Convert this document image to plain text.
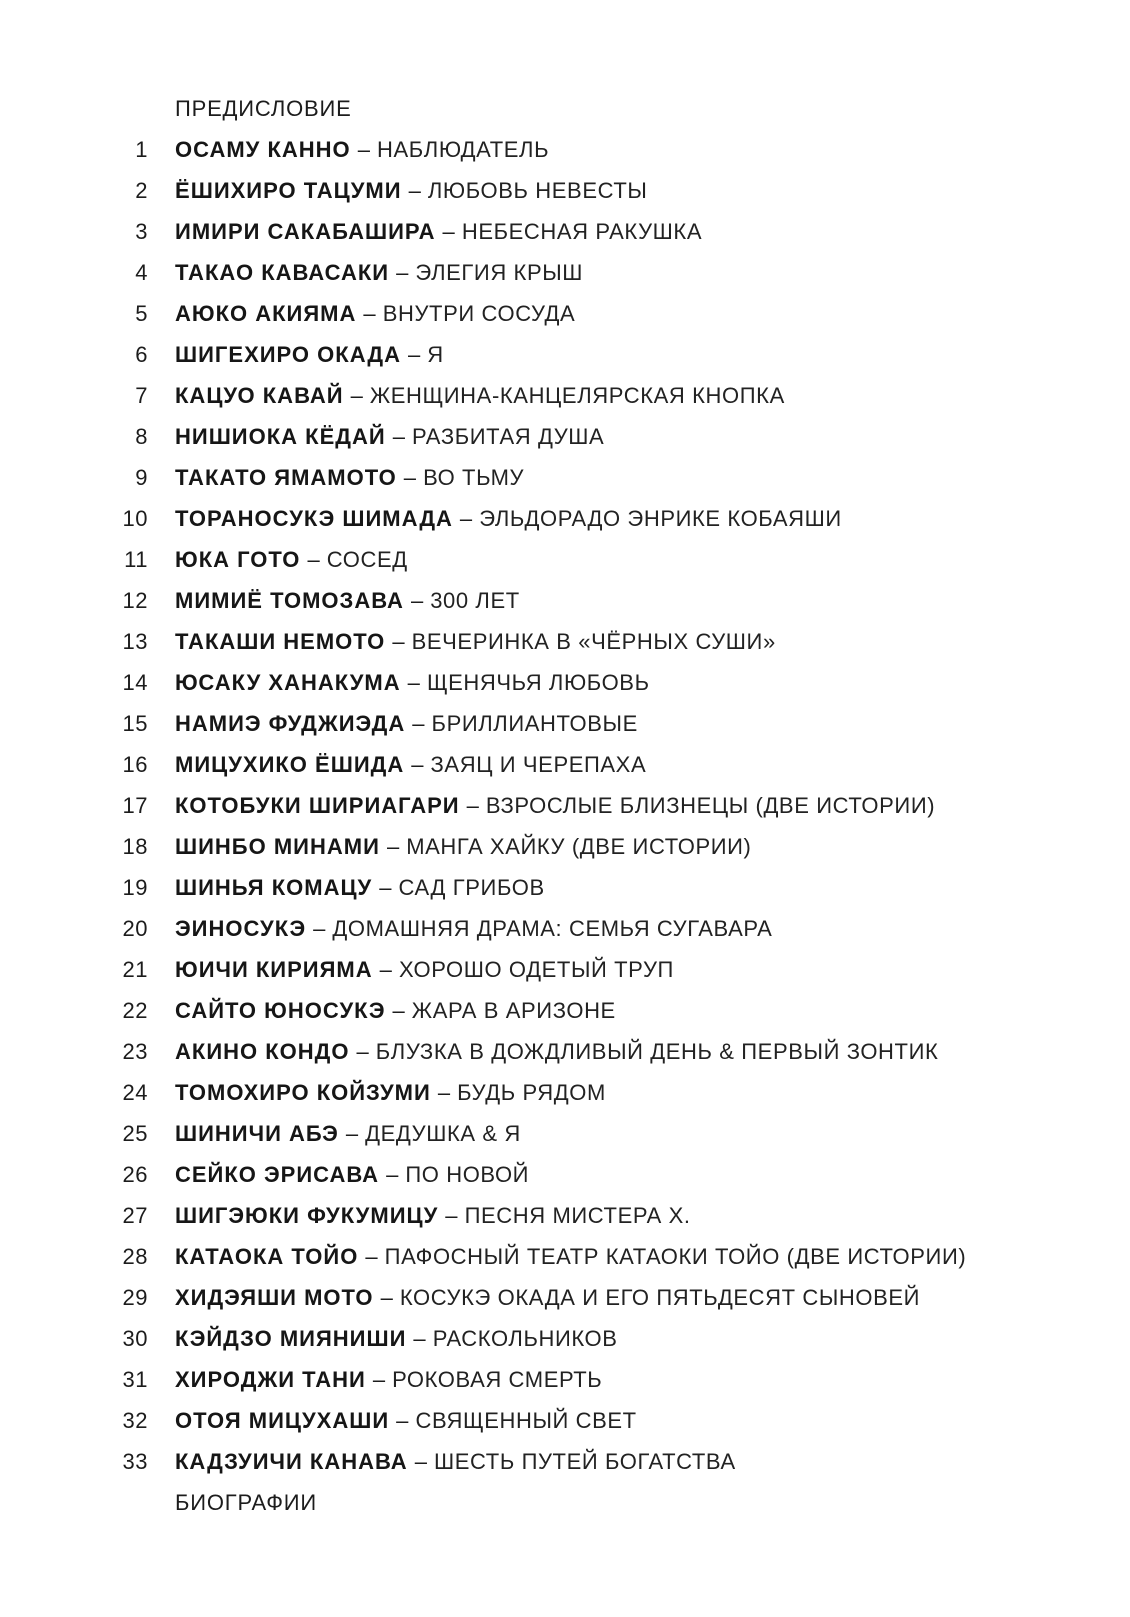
ПРЕДИСЛОВИЕ
1 ОСАМУ КАННО – НАБЛЮДАТЕЛЬ
2 ЁШИХИРО ТАЦУМИ – ЛЮБОВЬ НЕВЕСТЫ
3 ИМИРИ САКАБАШИРА – НЕБЕСНАЯ РАКУШКА
4 ТАКАО КАВАСАКИ – ЭЛЕГИЯ КРЫШ
5 АЮКО АКИЯМА – ВНУТРИ СОСУДА
6 ШИГЕХИРО ОКАДА – Я
7 КАЦУО КАВАЙ – ЖЕНЩИНА-КАНЦЕЛЯРСКАЯ КНОПКА
8 НИШИОКА КЁДАЙ – РАЗБИТАЯ ДУША
9 ТАКАТО ЯМАМОТО – ВО ТЬМУ
10 ТОРАНОСУКЭ ШИМАДА – ЭЛЬДОРАДО ЭНРИКЕ КОБАЯШИ
11 ЮКА ГОТО – СОСЕД
12 МИМИЁ ТОМОЗАВА – 300 ЛЕТ
13 ТАКАШИ НЕМОТО – ВЕЧЕРИНКА В «ЧЁРНЫХ СУШИ»
14 ЮСАКУ ХАНАКУМА – ЩЕНЯЧЬЯ ЛЮБОВЬ
15 НАМИЭ ФУДЖИЭДА – БРИЛЛИАНТОВЫЕ
16 МИЦУХИКО ЁШИДА – ЗАЯЦ И ЧЕРЕПАХА
17 КОТОБУКИ ШИРИАГАРИ – ВЗРОСЛЫЕ БЛИЗНЕЦЫ (ДВЕ ИСТОРИИ)
18 ШИНБО МИНАМИ – МАНГА ХАЙКУ (ДВЕ ИСТОРИИ)
19 ШИНЬЯ КОМАЦУ – САД ГРИБОВ
20 ЭИНОСУКЭ – ДОМАШНЯЯ ДРАМА: СЕМЬЯ СУГАВАРА
21 ЮИЧИ КИРИЯМА – ХОРОШО ОДЕТЫЙ ТРУП
22 САЙТО ЮНОСУКЭ – ЖАРА В АРИЗОНЕ
23 АКИНО КОНДО – БЛУЗКА В ДОЖДЛИВЫЙ ДЕНЬ & ПЕРВЫЙ ЗОНТИК
24 ТОМОХИРО КОЙЗУМИ – БУДЬ РЯДОМ
25 ШИНИЧИ АБЭ – ДЕДУШКА & Я
26 СЕЙКО ЭРИСАВА – ПО НОВОЙ
27 ШИГЭЮКИ ФУКУМИЦУ – ПЕСНЯ МИСТЕРА Х.
28 КАТАОКА ТОЙО – ПАФОСНЫЙ ТЕАТР КАТАОКИ ТОЙО (ДВЕ ИСТОРИИ)
29 ХИДЭЯШИ МОТО – КОСУКЭ ОКАДА И ЕГО ПЯТЬДЕСЯТ СЫНОВЕЙ
30 КЭЙДЗО МИЯНИШИ – РАСКОЛЬНИКОВ
31 ХИРОДЖИ ТАНИ – РОКОВАЯ СМЕРТЬ
32 ОТОЯ МИЦУХАШИ – СВЯЩЕННЫЙ СВЕТ
33 КАДЗУИЧИ КАНАВА – ШЕСТЬ ПУТЕЙ БОГАТСТВА
БИОГРАФИИ
